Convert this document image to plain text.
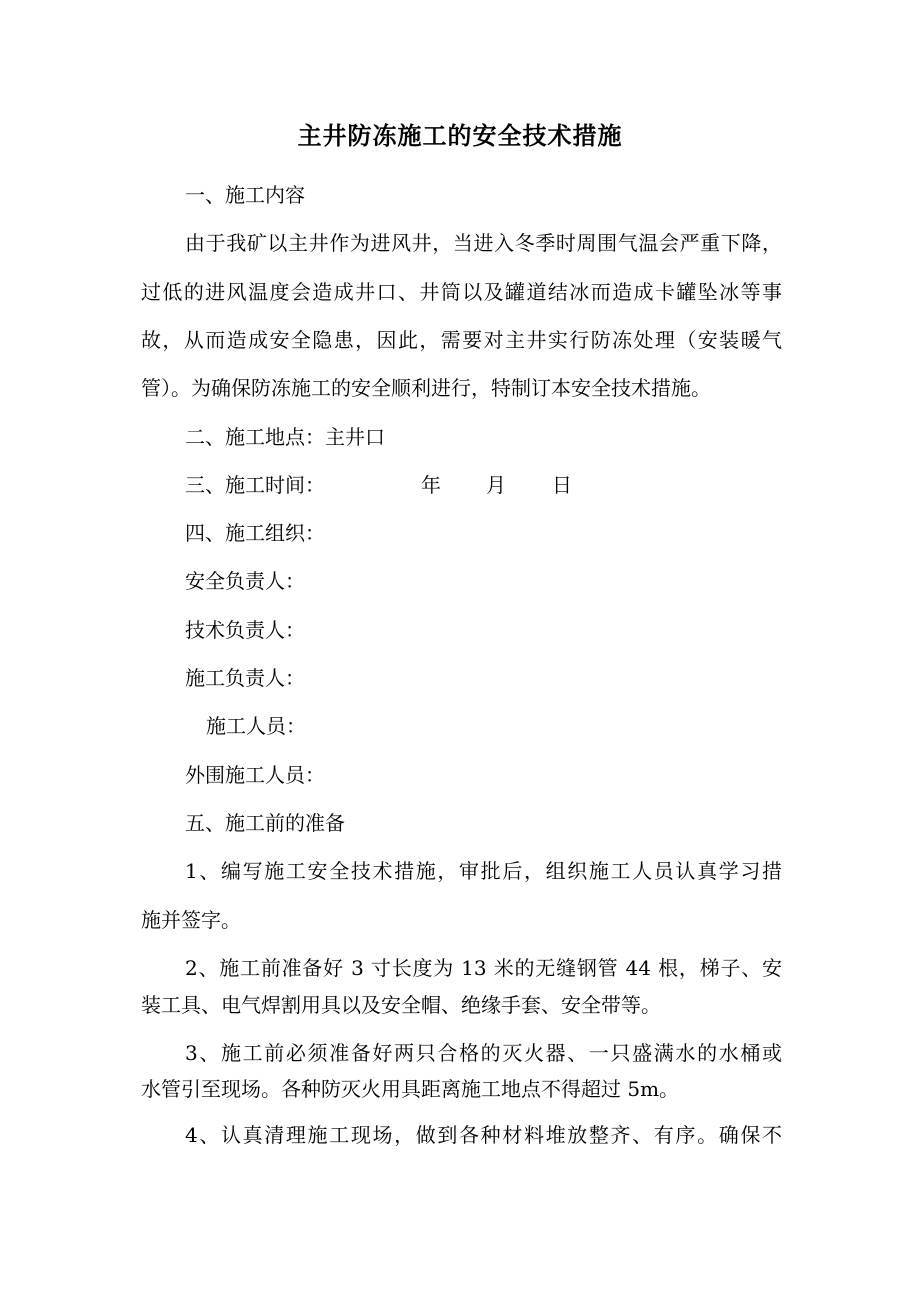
主井防冻施工的安全技术措施
一、施工内容
由于我矿以主井作为进风井，当进入冬季时周围气温会严重下降，
过低的进风温度会造成井口、井筒以及罐道结冰而造成卡罐坠冰等事
故，从而造成安全隐患，因此，需要对主井实行防冻处理（安装暖气
管）。为确保防冻施工的安全顺利进行，特制订本安全技术措施。
二、施工地点：主井口
三、施工时间：	年 月 日
四、施工组织：
安全负责人：
技术负责人：
施工负责人：
施工人员：
外围施工人员：
五、施工前的准备
1、编写施工安全技术措施，审批后，组织施工人员认真学习措
施并签字。
2、施工前准备好 3 寸长度为 13 米的无缝钢管 44 根，梯子、安
装工具、电气焊割用具以及安全帽、绝缘手套、安全带等。
3、施工前必须准备好两只合格的灭火器、一只盛满水的水桶或
水管引至现场。各种防灭火用具距离施工地点不得超过 5m。
4、认真清理施工现场，做到各种材料堆放整齐、有序。确保不
